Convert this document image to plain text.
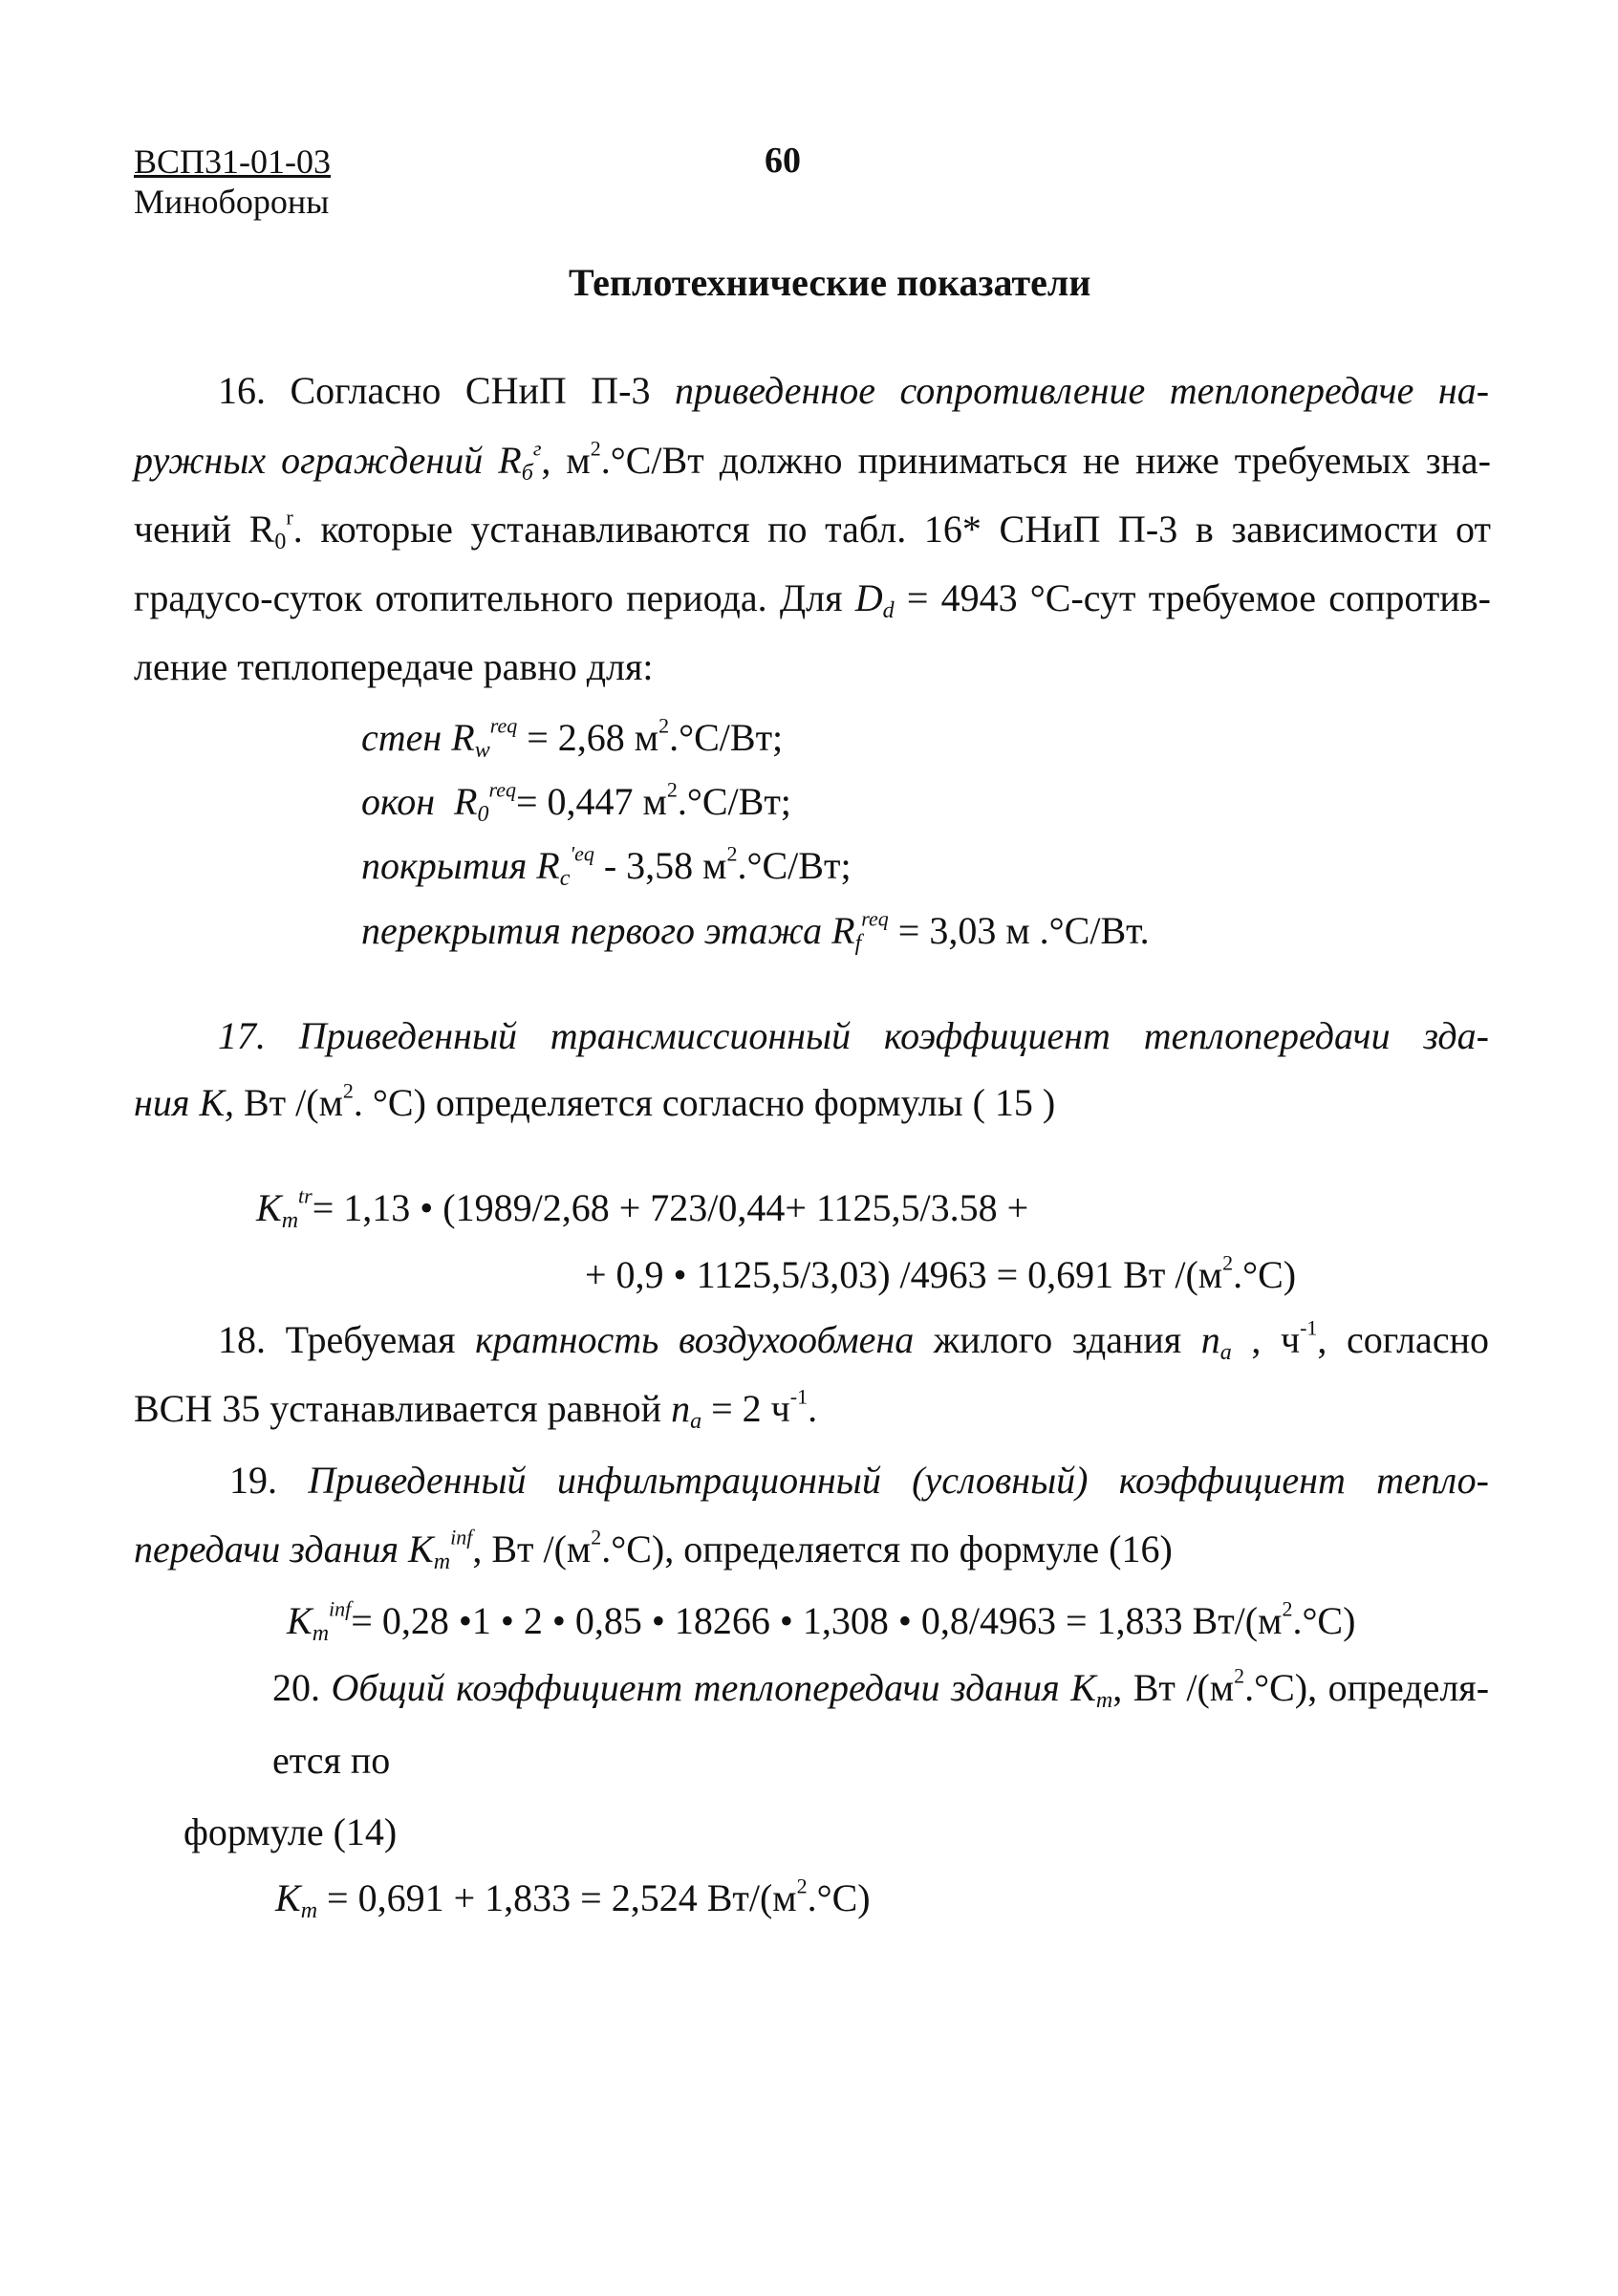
ВСП31-01-03
Минобороны
60
Теплотехнические показатели
16. Согласно СНиП П-3 приведенное сопротивление теплопередаче на-
ружных ограждений $R_б^г$, $м^2.^\circ С/Вт$ должно приниматься не ниже требуемых зна-
чений $R_0^r$. которые устанавливаются по табл. 16* СНиП П-3 в зависимости от
градусо-суток отопительного периода. Для $D_d = 4943$ °С-сут требуемое сопротив-
ление теплопередаче равно для:
стен $R_w^{req} = 2,68$ $м^2.^\circ С/Вт$;
окон $R_0^{req}= 0,447$ $м^2.^\circ С/Вт$;
покрытия $R_c^{'eq} - 3,58$ $м^2.^\circ С/Вт$;
перекрытия первого этажа $R_f^{req} = 3,03$ м .°С/Вт.
17. Приведенный трансмиссионный коэффициент теплопередачи зда-
ния К, Вт $/(м^2$. °С) определяется согласно формулы ( 15 )
$K_m^{tr}= 1,13$ • (1989/2,68 + 723/0,44+ 1125,5/3.58 +
+ 0,9 • 1125,5/3,03) /4963 = 0,691 Вт $/(м^2.^\circ С)$
18. Требуемая кратность воздухообмена жилого здания $n_a$ , $ч^{-1}$, согласно
ВСН 35 устанавливается равной $n_a = 2$ $ч^{-1}$.
19. Приведенный инфильтрационный (условный) коэффициент тепло-
передачи здания $K_m^{inf}$, Вт $/(м^2.^\circ С)$, определяется по формуле (16)
$K_m^{inf}= 0,28$ •1 • 2 • 0,85 • 18266 • 1,308 • 0,8/4963 = 1,833 $Вт/(м^2.^\circ С)$
20. Общий коэффициент теплопередачи здания $K_m$, Вт $/(м^2.^\circ С)$, определя-
ется по
формуле (14)
$K_m = 0,691 + 1,833 = 2,524$ $Вт/(м^2.^\circ С)$
